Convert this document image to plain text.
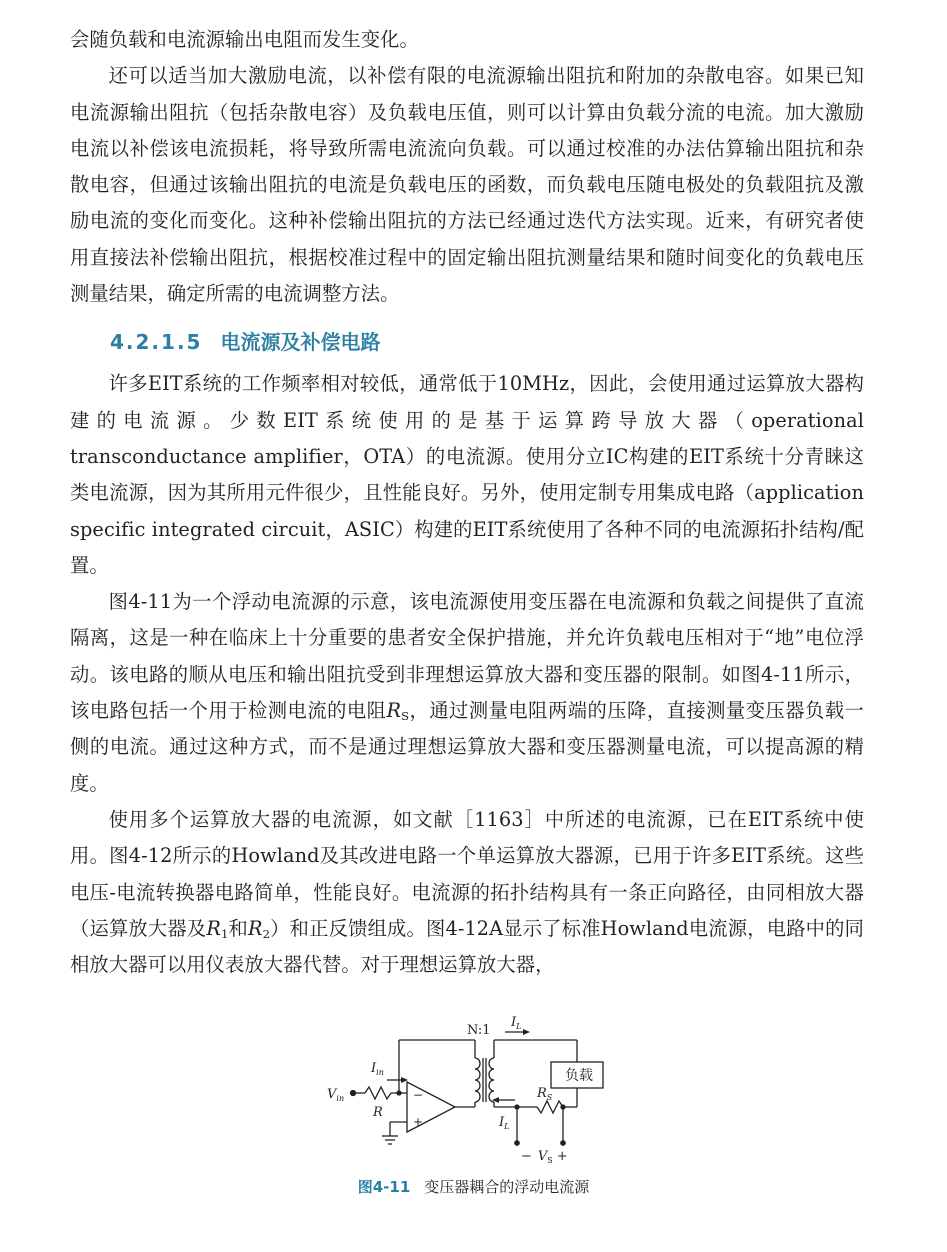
会随负载和电流源输出电阻而发生变化。

还可以适当加大激励电流，以补偿有限的电流源输出阻抗和附加的杂散电容。如果已知电流源输出阻抗（包括杂散电容）及负载电压值，则可以计算由负载分流的电流。加大激励电流以补偿该电流损耗，将导致所需电流流向负载。可以通过校准的办法估算输出阻抗和杂散电容，但通过该输出阻抗的电流是负载电压的函数，而负载电压随电极处的负载阻抗及激励电流的变化而变化。这种补偿输出阻抗的方法已经通过迭代方法实现。近来，有研究者使用直接法补偿输出阻抗，根据校准过程中的固定输出阻抗测量结果和随时间变化的负载电压测量结果，确定所需的电流调整方法。

4.2.1.5 电流源及补偿电路

许多EIT系统的工作频率相对较低，通常低于10MHz，因此，会使用通过运算放大器构建的电流源。少数EIT系统使用的是基于运算跨导放大器（operational transconductance amplifier，OTA）的电流源。使用分立IC构建的EIT系统十分青睐这类电流源，因为其所用元件很少，且性能良好。另外，使用定制专用集成电路（application specific integrated circuit，ASIC）构建的EIT系统使用了各种不同的电流源拓扑结构/配置。

图4-11为一个浮动电流源的示意，该电流源使用变压器在电流源和负载之间提供了直流隔离，这是一种在临床上十分重要的患者安全保护措施，并允许负载电压相对于“地”电位浮动。该电路的顺从电压和输出阻抗受到非理想运算放大器和变压器的限制。如图4-11所示，该电路包括一个用于检测电流的电阻$R_S$，通过测量电阻两端的压降，直接测量变压器负载一侧的电流。通过这种方式，而不是通过理想运算放大器和变压器测量电流，可以提高源的精度。

使用多个运算放大器的电流源，如文献［1163］中所述的电流源，已在EIT系统中使用。图4-12所示的Howland及其改进电路一个单运算放大器源，已用于许多EIT系统。这些电压-电流转换器电路简单，性能良好。电流源的拓扑结构具有一条正向路径，由同相放大器（运算放大器及$R_1$和$R_2$）和正反馈组成。图4-12A显示了标准Howland电流源，电路中的同相放大器可以用仪表放大器代替。对于理想运算放大器，

N:1
$I_L$
$I_{in}$
$V_{in}$
R
$R_S$
负载
−
+	$I_L$
− $V_S$ +
图4-11 变压器耦合的浮动电流源
